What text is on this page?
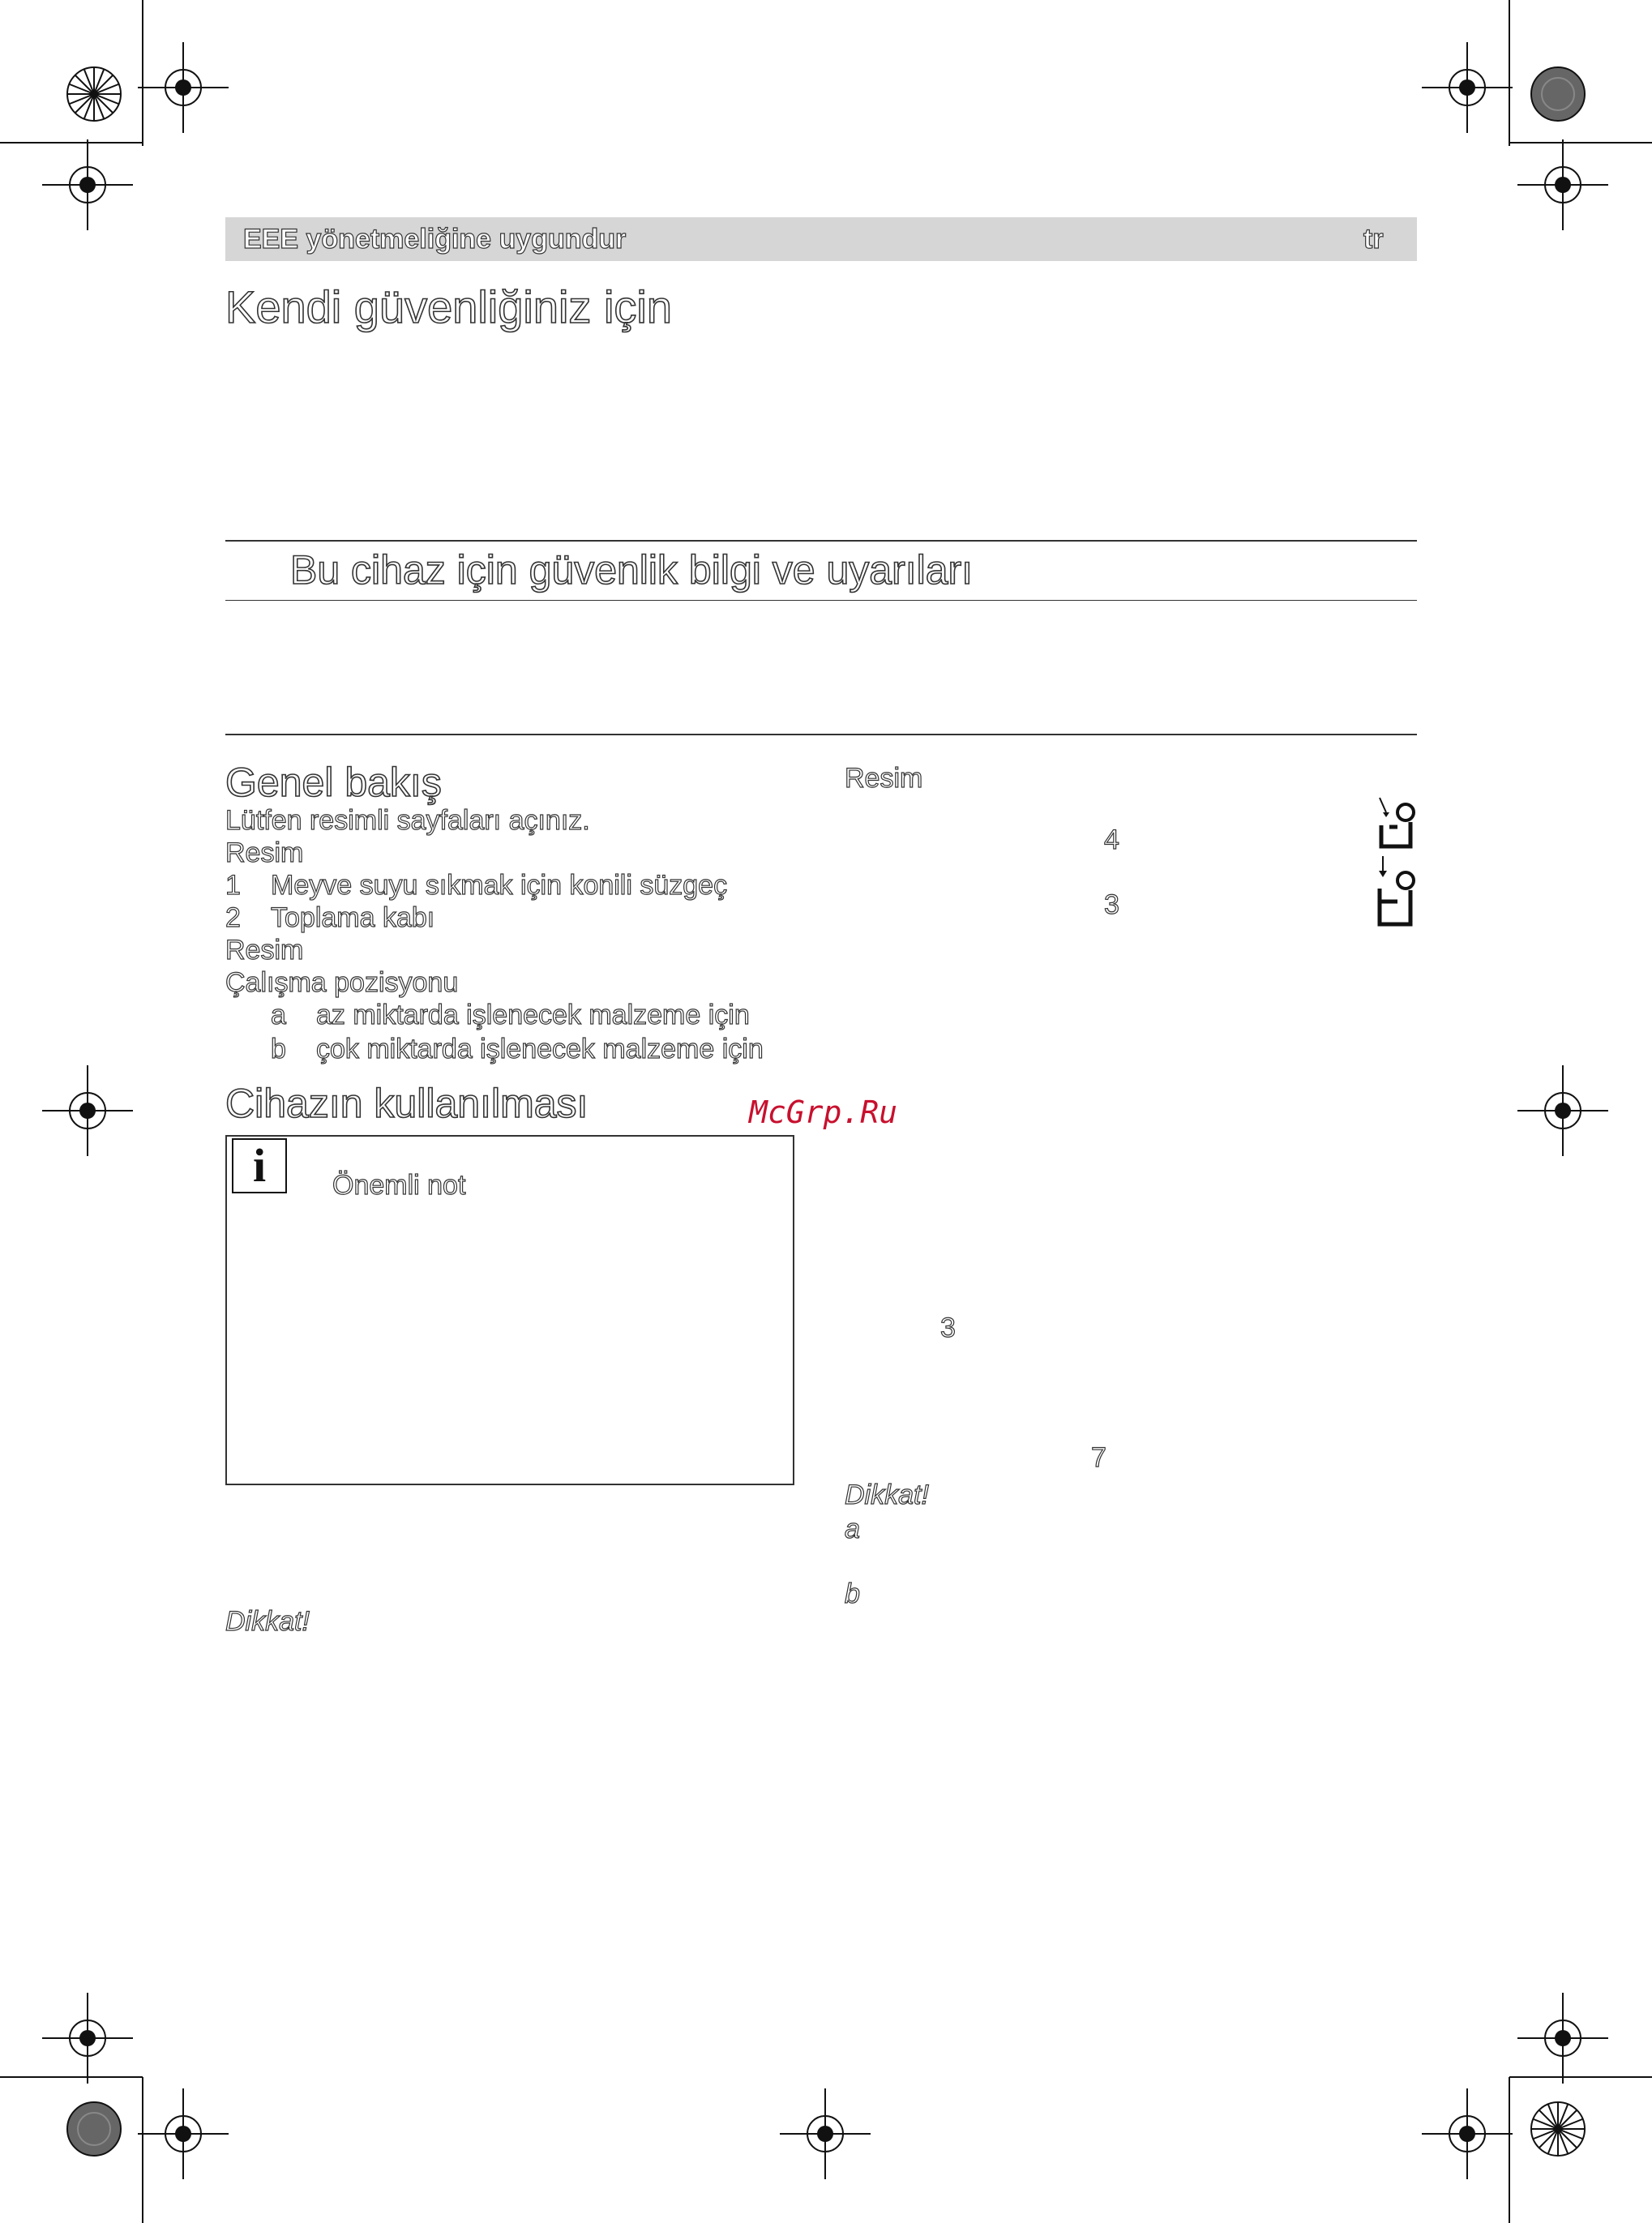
EEE yönetmeliğine uygundur	tr
Kendi güvenliğiniz için
Bu cihaz için güvenlik bilgi ve uyarıları
Genel bakış
Lütfen resimli sayfaları açınız.
Resim
1 Meyve suyu sıkmak için konili süzgeç
2 Toplama kabı
Resim
Çalışma pozisyonu
a az miktarda işlenecek malzeme için
b çok miktarda işlenecek malzeme için
Cihazın kullanılması
i	Önemli not
Dikkat!
Resim
4
3
McGrp.Ru
3
7
Dikkat!
a
b
